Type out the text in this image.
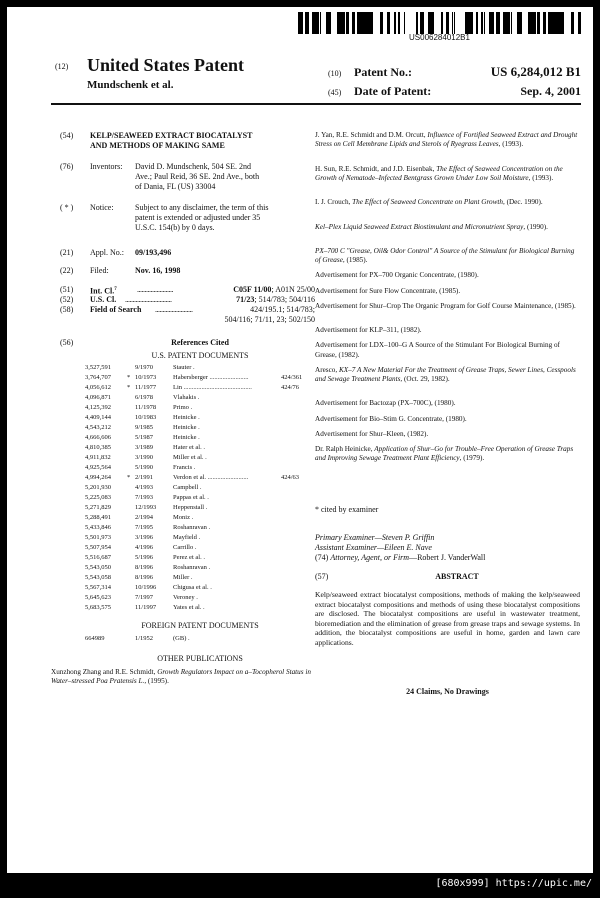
US006284012B1
(12) United States Patent
Mundschenk et al.
(10) Patent No.:	US 6,284,012 B1
(45) Date of Patent:	Sep. 4, 2001
(54) KELP/SEAWEED EXTRACT BIOCATALYST
AND METHODS OF MAKING SAME
(76) Inventors: David D. Mundschenk, 504 SE. 2nd
Ave.; Paul Reid, 36 SE. 2nd Ave., both
of Dania, FL (US) 33004
( * ) Notice:	Subject to any disclaimer, the term of this
patent is extended or adjusted under 35
U.S.C. 154(b) by 0 days.
(21) Appl. No.: 09/193,496
(22) Filed:	Nov. 16, 1998
(51) Int. Cl.$^7$	........................	C05F 11/00; A01N 25/00
(52) U.S. Cl. ...............................	71/23; 514/783; 504/116
(58) Field of Search .........................	424/195.1; 514/783;
504/116; 71/11, 23; 502/150
(56)	References Cited
U.S. PATENT DOCUMENTS
3,527,591	9/1970	Stauter .
3,764,707 * 10/1973	Habersberger ........................	424/361
4,056,612 * 11/1977	Lin ..........................................	424/76
4,096,871	6/1978	Vlahakis .
4,125,392	11/1978	Primo .
4,409,144	10/1983	Heinicke .
4,543,212	9/1985	Heinicke .
4,666,606	5/1987	Heinicke .
4,810,385	3/1989	Hater et al. .
4,911,832	3/1990	Miller et al. .
4,925,564	5/1990	Francis .
4,994,264 * 2/1991	Verdon et al. .........................	424/63
5,201,930	4/1993	Campbell .
5,225,083	7/1993	Pappas et al. .
5,271,829	12/1993	Heppenstall .
5,288,491	2/1994	Moniz .
5,433,846	7/1995	Roshanravan .
5,501,973	3/1996	Mayfield .
5,507,954	4/1996	Carrillo .
5,516,687	5/1996	Perez et al. .
5,543,050	8/1996	Roshanravan .
5,543,058	8/1996	Miller .
5,567,314	10/1996	Chigusa et al. .
5,645,623	7/1997	Veroney .
5,683,575	11/1997	Yates et al. .
FOREIGN PATENT DOCUMENTS
664989	1/1952	(GB) .
OTHER PUBLICATIONS
Xunzhong Zhang and R.E. Schmidt, Growth Regulators Impact on a–Tocopherol Status in Water–stressed Poa Pratensis L., (1995).
J. Yan, R.E. Schmidt and D.M. Orcutt, Influence of Fortified Seaweed Extract and Drought Stress on Cell Membrane Lipids and Sterols of Ryegrass Leaves, (1993).
H. Sun, R.E. Schmidt, and J.D. Eisenbak, The Effect of Seaweed Concentration on the Growth of Nematode–Infected Bentgrass Grown Under Low Soil Moisture, (1993).
I. J. Crouch, The Effect of Seaweed Concentrate on Plant Growth, (Dec. 1990).
Kel–Plex Liquid Seaweed Extract Biostimulant and Micronutrient Spray, (1990).
PX–700 C "Grease, Oil& Odor Control" A Source of the Stimulant for Biological Burning of Grease, (1985).
Advertisement for PX–700 Organic Concentrate, (1980).
Advertisement for Sure Flow Concentrate, (1985).
Advertisement for Shur–Crop The Organic Program for Golf Course Maintenance, (1985).
Advertisement for KLP–311, (1982).
Advertisement for LDX–100–G A Source of the Stimulant For Biological Burning of Grease, (1982).
Aresco, KX–7 A New Material For the Treatment of Grease Traps, Sewer Lines, Cesspools and Sewage Treatment Plants, (Oct. 29, 1982).
Advertisement for Bactozap (PX–700C), (1980).
Advertisement for Bio–Stim G. Concentrate, (1980).
Advertisement for Shur–Kleen, (1982).
Dr. Ralph Heinicke, Application of Shur–Go for Trouble–Free Operation of Grease Traps and Improving Sewage Treatment Plant Efficiency, (1979).
* cited by examiner
Primary Examiner—Steven P. Griffin
Assistant Examiner—Eileen E. Nave
(74) Attorney, Agent, or Firm—Robert J. VanderWall
(57)	ABSTRACT
Kelp/seaweed extract biocatalyst compositions, methods of making the kelp/seaweed extract biocatalyst compositions and methods of using these biocatalyst compositions are disclosed. The biocatalyst compositions are useful in wastewater treatment, bioremediation and the elimination of grease from grease traps and sewage systems. In addition, the biocatalyst compositions are useful in home, garden and lawn care applications.
24 Claims, No Drawings
[680x999] https://upic.me/
